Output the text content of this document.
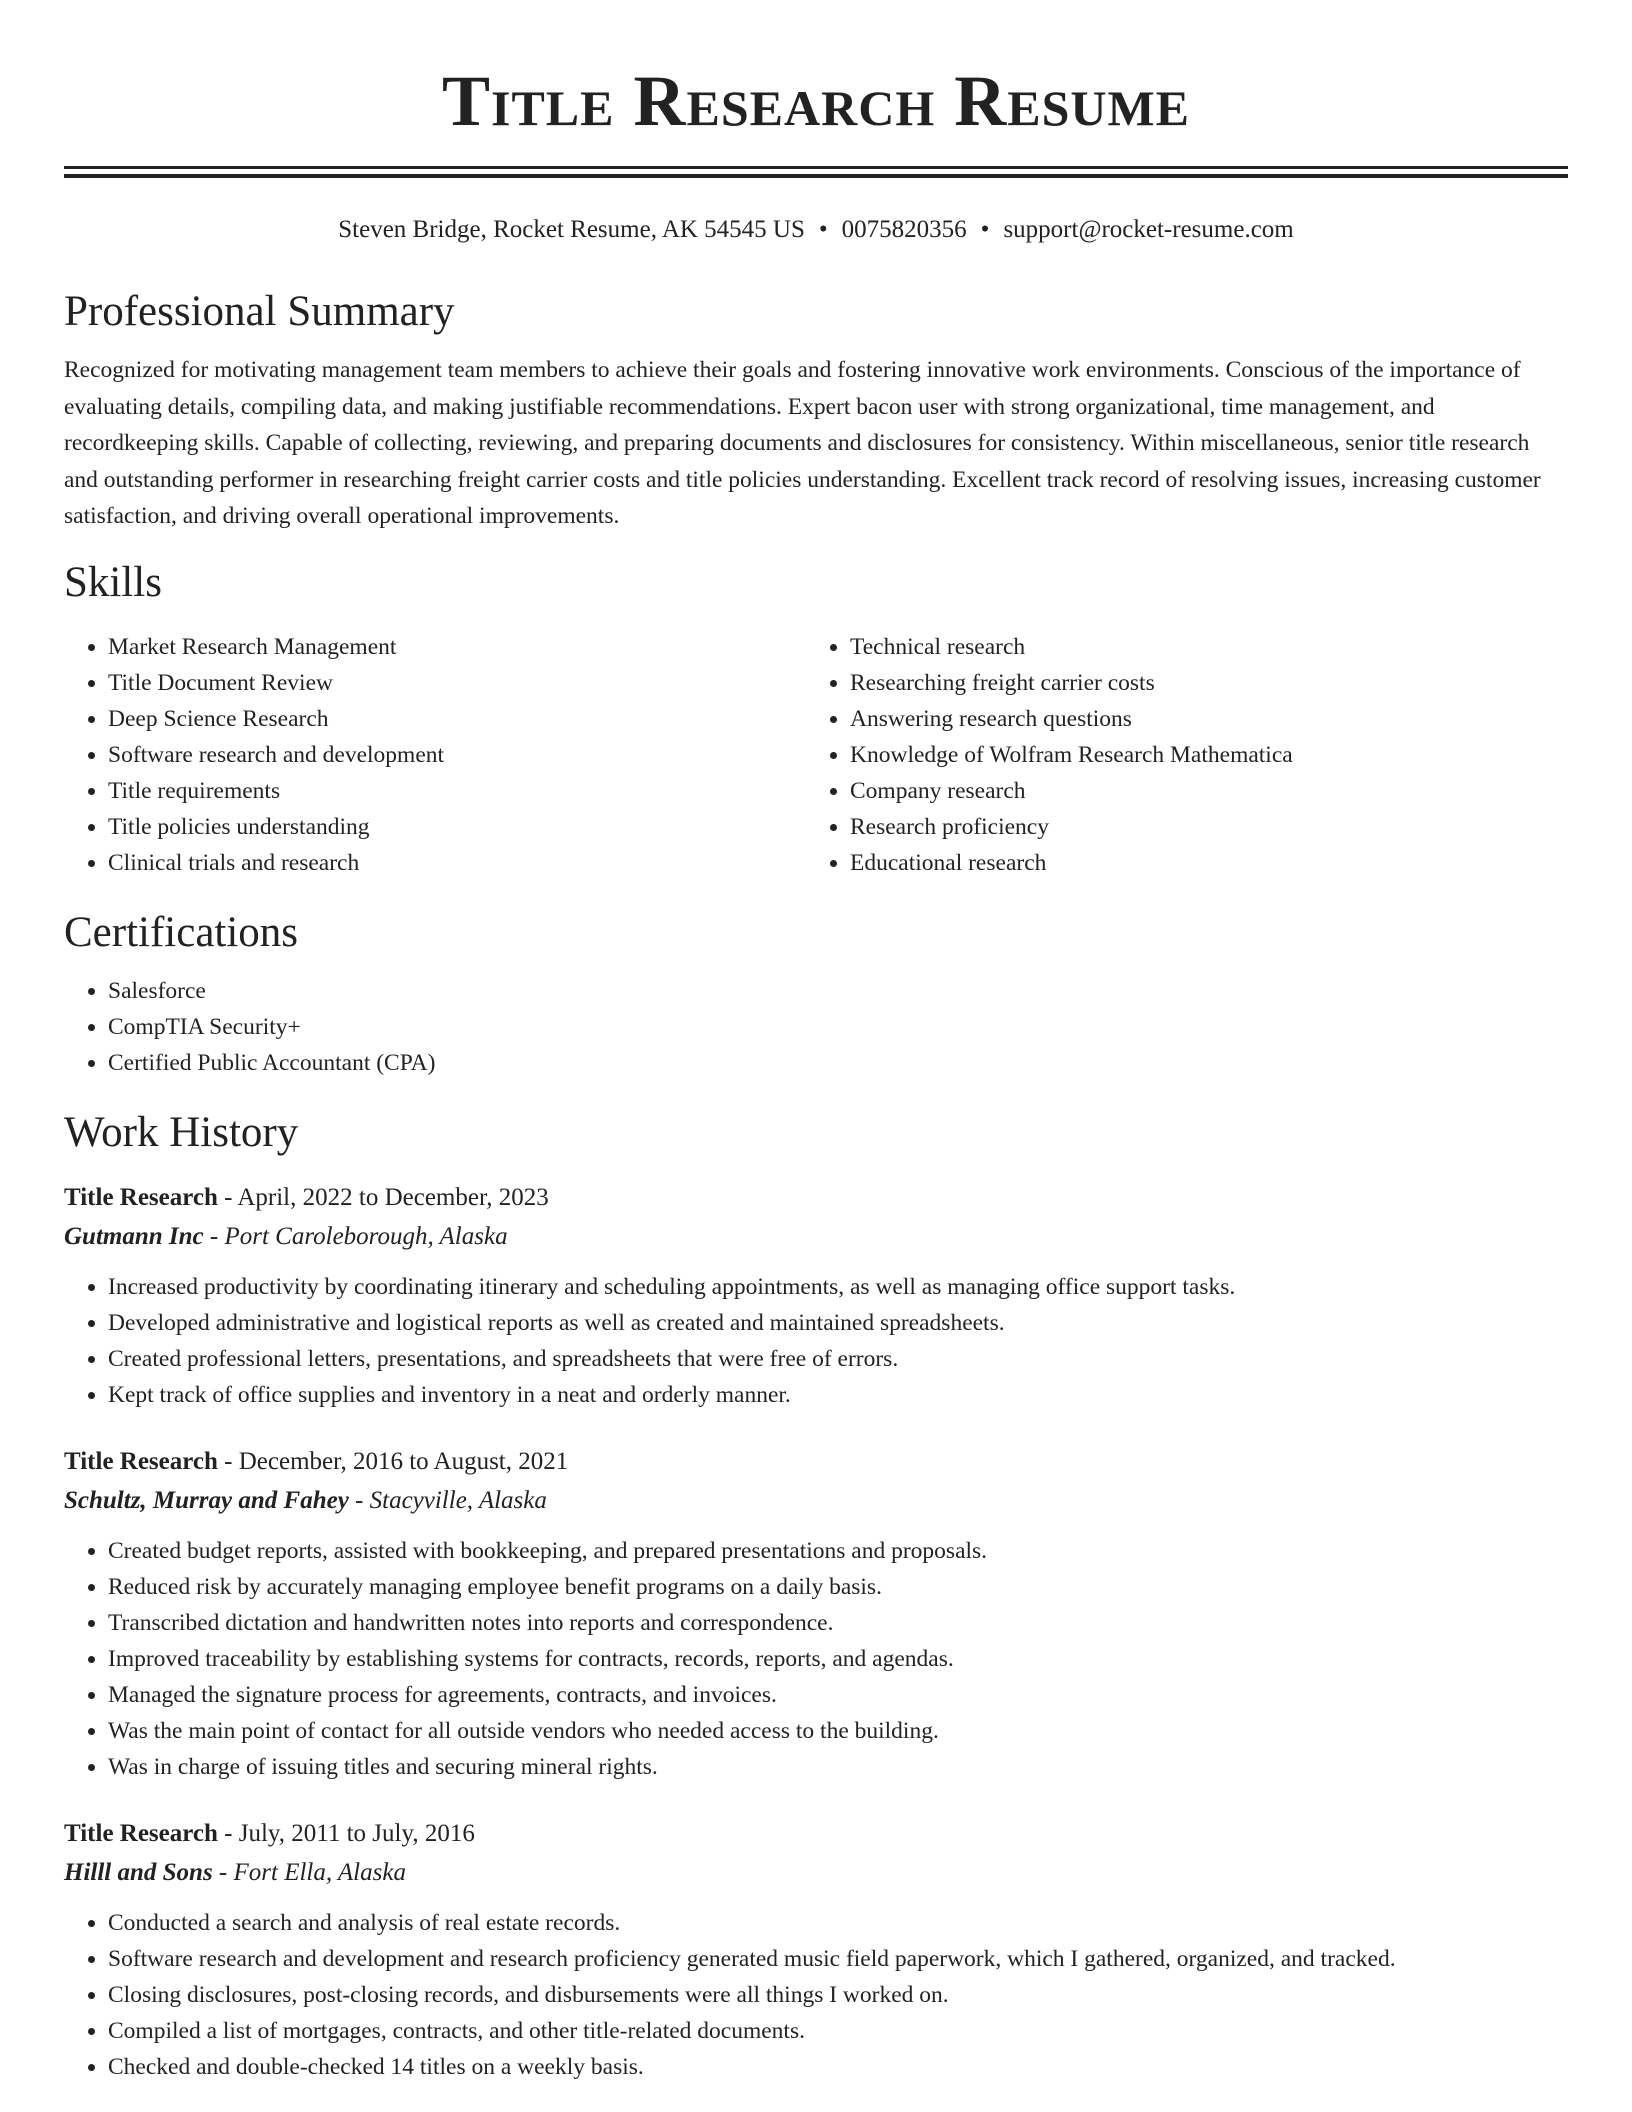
Title Research Resume
Steven Bridge, Rocket Resume, AK 54545 US • 0075820356 • support@rocket-resume.com
Professional Summary

Recognized for motivating management team members to achieve their goals and fostering innovative work environments. Conscious of the importance of evaluating details, compiling data, and making justifiable recommendations. Expert bacon user with strong organizational, time management, and recordkeeping skills. Capable of collecting, reviewing, and preparing documents and disclosures for consistency. Within miscellaneous, senior title research and outstanding performer in researching freight carrier costs and title policies understanding. Excellent track record of resolving issues, increasing customer satisfaction, and driving overall operational improvements.

Skills
• Market Research Management
• Title Document Review
• Deep Science Research
• Software research and development
• Title requirements
• Title policies understanding
• Clinical trials and research
• Technical research
• Researching freight carrier costs
• Answering research questions
• Knowledge of Wolfram Research Mathematica
• Company research
• Research proficiency
• Educational research
Certifications
• Salesforce
• CompTIA Security+
• Certified Public Accountant (CPA)
Work History
Title Research - April, 2022 to December, 2023
Gutmann Inc - Port Caroleborough, Alaska
• Increased productivity by coordinating itinerary and scheduling appointments, as well as managing office support tasks.
• Developed administrative and logistical reports as well as created and maintained spreadsheets.
• Created professional letters, presentations, and spreadsheets that were free of errors.
• Kept track of office supplies and inventory in a neat and orderly manner.
Title Research - December, 2016 to August, 2021
Schultz, Murray and Fahey - Stacyville, Alaska
• Created budget reports, assisted with bookkeeping, and prepared presentations and proposals.
• Reduced risk by accurately managing employee benefit programs on a daily basis.
• Transcribed dictation and handwritten notes into reports and correspondence.
• Improved traceability by establishing systems for contracts, records, reports, and agendas.
• Managed the signature process for agreements, contracts, and invoices.
• Was the main point of contact for all outside vendors who needed access to the building.
• Was in charge of issuing titles and securing mineral rights.
Title Research - July, 2011 to July, 2016
Hilll and Sons - Fort Ella, Alaska
• Conducted a search and analysis of real estate records.
• Software research and development and research proficiency generated music field paperwork, which I gathered, organized, and tracked.
• Closing disclosures, post-closing records, and disbursements were all things I worked on.
• Compiled a list of mortgages, contracts, and other title-related documents.
• Checked and double-checked 14 titles on a weekly basis.
